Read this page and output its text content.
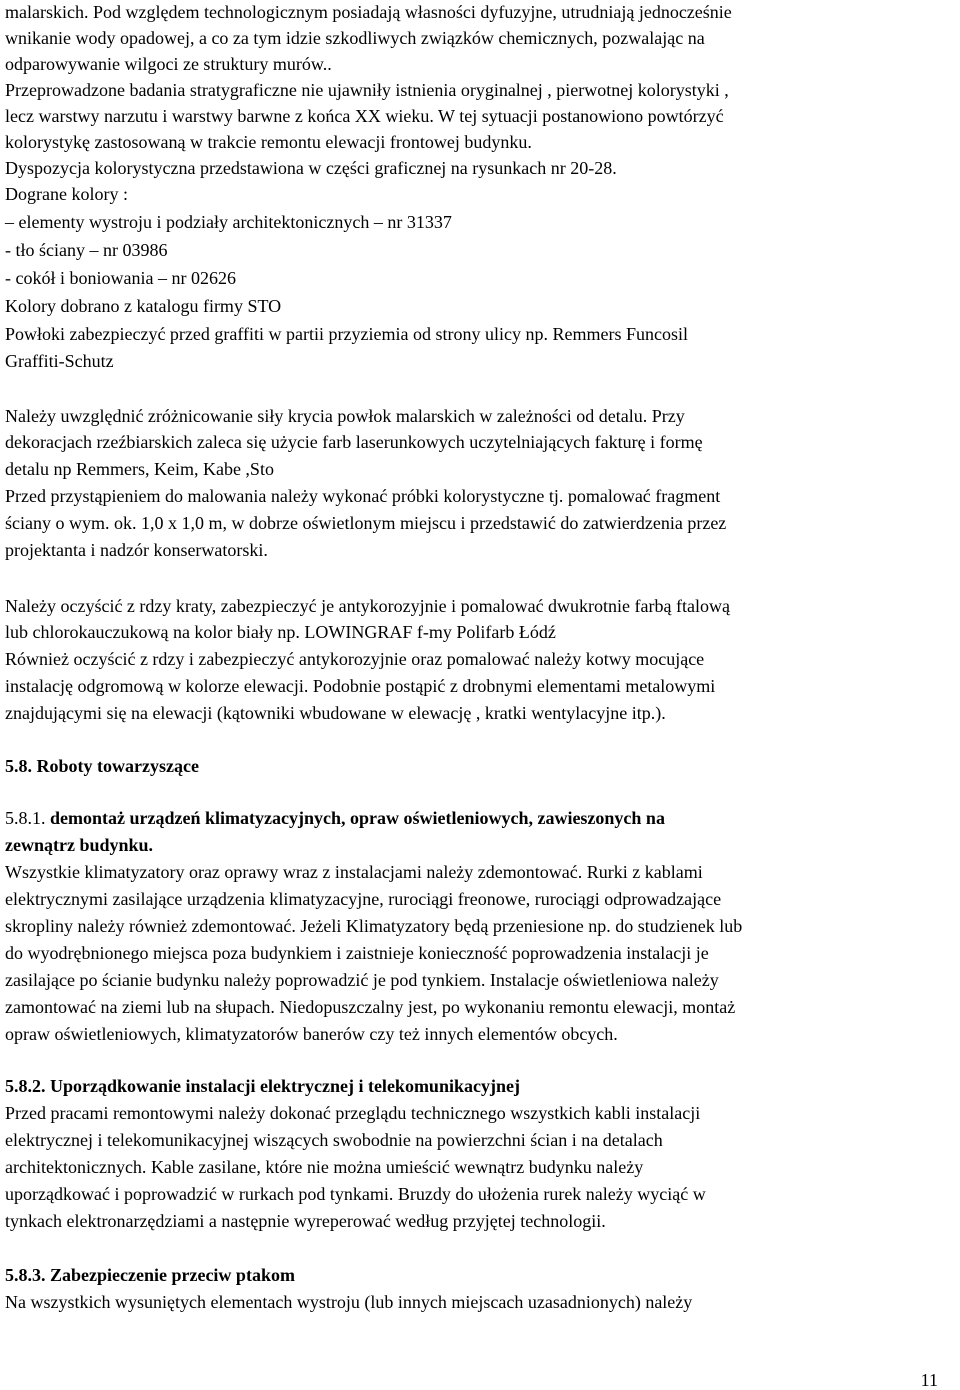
malarskich. Pod względem technologicznym posiadają własności dyfuzyjne, utrudniają jednocześnie
wnikanie wody opadowej, a co za tym idzie szkodliwych związków chemicznych, pozwalając na
odparowywanie wilgoci ze struktury murów..
Przeprowadzone badania stratygraficzne nie ujawniły istnienia oryginalnej , pierwotnej kolorystyki ,
lecz warstwy narzutu i warstwy barwne z końca XX wieku. W tej sytuacji postanowiono powtórzyć
kolorystykę zastosowaną w trakcie remontu elewacji frontowej budynku.
Dyspozycja kolorystyczna przedstawiona w części graficznej na rysunkach nr 20-28.
Dograne kolory :
– elementy wystroju i podziały architektonicznych – nr 31337
- tło ściany – nr 03986
- cokół i boniowania – nr 02626
Kolory dobrano z katalogu firmy STO
Powłoki zabezpieczyć przed graffiti w partii przyziemia od strony ulicy np. Remmers Funcosil
Graffiti-Schutz
Należy uwzględnić zróżnicowanie siły krycia powłok malarskich w zależności od detalu. Przy
dekoracjach rzeźbiarskich zaleca się użycie farb laserunkowych uczytelniających fakturę i formę
detalu np Remmers, Keim, Kabe ,Sto
Przed przystąpieniem do malowania należy wykonać próbki kolorystyczne tj. pomalować fragment
ściany o wym. ok. 1,0 x 1,0 m, w dobrze oświetlonym miejscu i przedstawić do zatwierdzenia przez
projektanta i nadzór konserwatorski.
Należy oczyścić z rdzy kraty, zabezpieczyć je antykorozyjnie i pomalować dwukrotnie farbą ftalową
lub chlorokauczukową na kolor biały np. LOWINGRAF f-my Polifarb Łódź
Również oczyścić z rdzy i zabezpieczyć antykorozyjnie oraz pomalować należy kotwy mocujące
instalację odgromową w kolorze elewacji. Podobnie postąpić z drobnymi elementami metalowymi
znajdującymi się na elewacji (kątowniki wbudowane w elewację , kratki wentylacyjne itp.).
5.8. Roboty towarzyszące
5.8.1. demontaż urządzeń klimatyzacyjnych, opraw oświetleniowych, zawieszonych na
zewnątrz budynku.
Wszystkie klimatyzatory oraz oprawy wraz z instalacjami należy zdemontować. Rurki z kablami
elektrycznymi zasilające urządzenia klimatyzacyjne, rurociągi freonowe, rurociągi odprowadzające
skropliny należy również zdemontować. Jeżeli Klimatyzatory będą przeniesione np. do studzienek lub
do wyodrębnionego miejsca poza budynkiem i zaistnieje konieczność poprowadzenia instalacji je
zasilające po ścianie budynku należy poprowadzić je pod tynkiem. Instalacje oświetleniowa należy
zamontować na ziemi lub na słupach. Niedopuszczalny jest, po wykonaniu remontu elewacji, montaż
opraw oświetleniowych, klimatyzatorów banerów czy też innych elementów obcych.
5.8.2. Uporządkowanie instalacji elektrycznej i telekomunikacyjnej
Przed pracami remontowymi należy dokonać przeglądu technicznego wszystkich kabli instalacji
elektrycznej i telekomunikacyjnej wiszących swobodnie na powierzchni ścian i na detalach
architektonicznych. Kable zasilane, które nie można umieścić wewnątrz budynku należy
uporządkować i poprowadzić w rurkach pod tynkami. Bruzdy do ułożenia rurek należy wyciąć w
tynkach elektronarzędziami a następnie wyreperować według przyjętej technologii.
5.8.3. Zabezpieczenie przeciw ptakom
Na wszystkich wysuniętych elementach wystroju (lub innych miejscach uzasadnionych) należy
11
